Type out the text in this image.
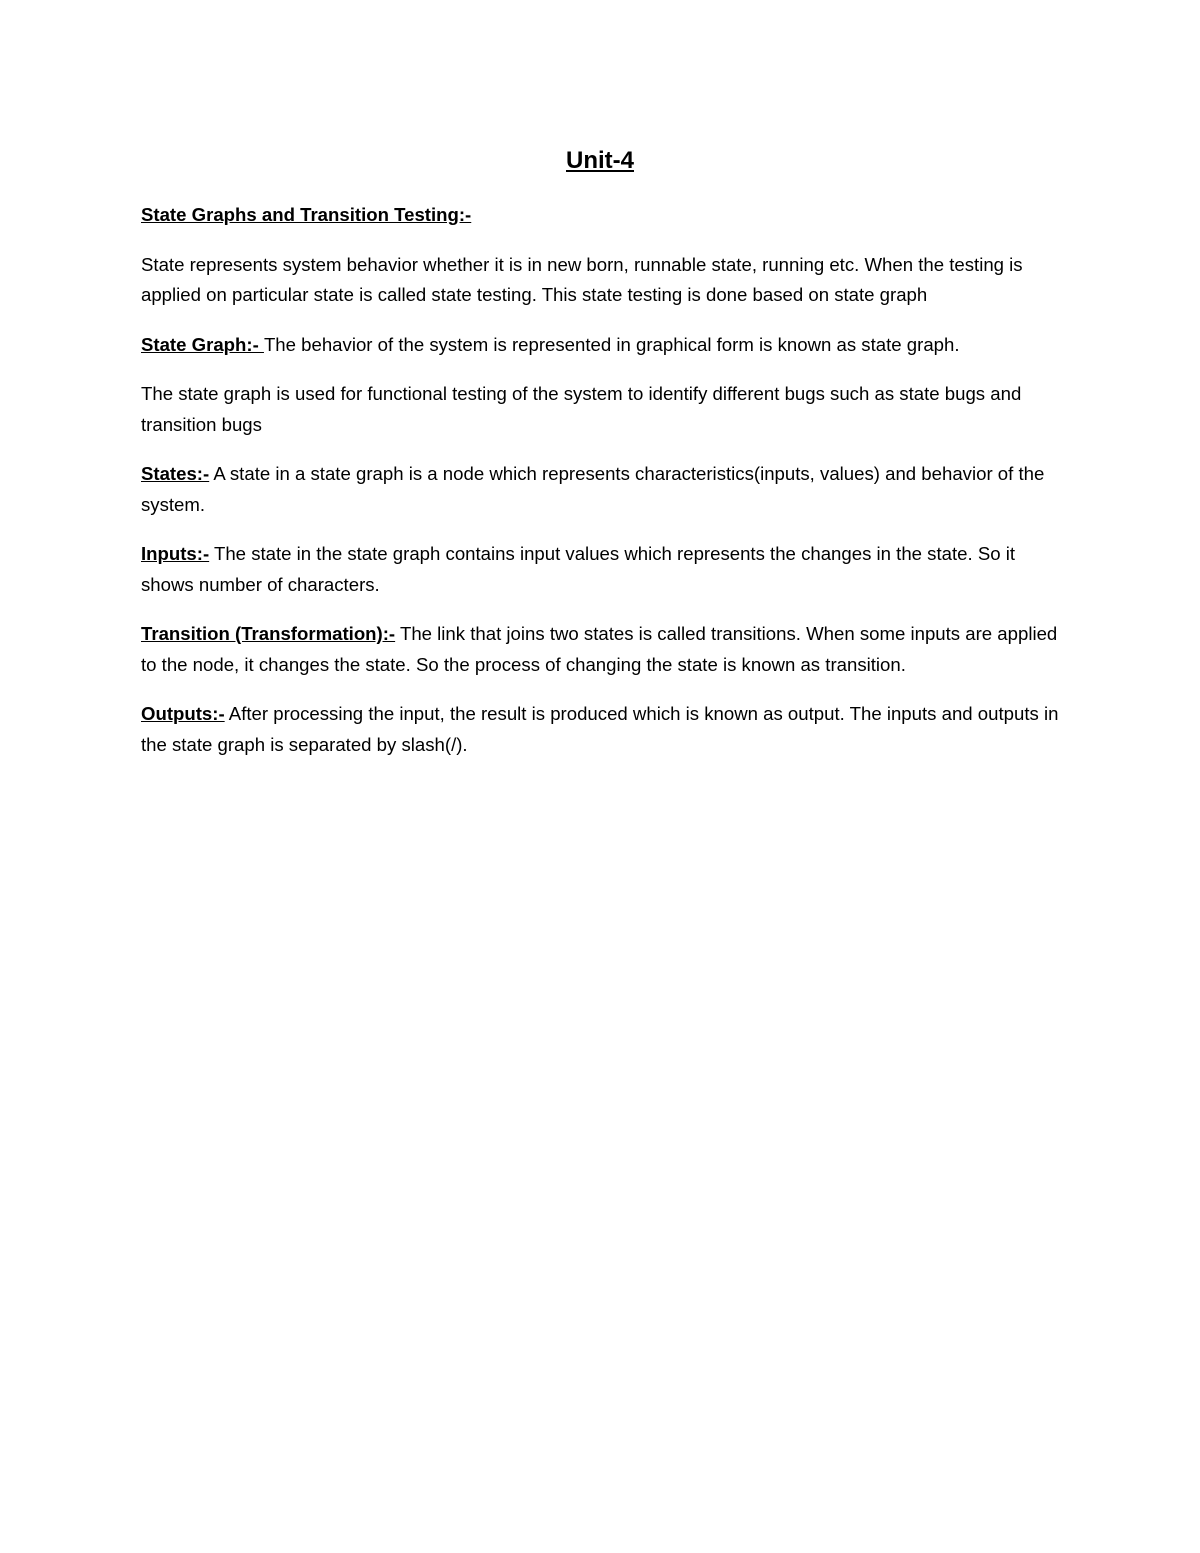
Unit-4
State Graphs and Transition Testing:-
State represents system behavior whether it is in new born, runnable state, running etc. When the testing is applied on particular state is called state testing. This state testing is done based on state graph
State Graph:- The behavior of the system is represented in graphical form is known as state graph.
The state graph is used for functional testing of the system to identify different bugs such as state bugs and transition bugs
States:- A state in a state graph is a node which represents characteristics(inputs, values) and behavior of the system.
Inputs:- The state in the state graph contains input values which represents the changes in the state. So it shows number of characters.
Transition (Transformation):- The link that joins two states is called transitions. When some inputs are applied to the node, it changes the state. So the process of changing the state is known as transition.
Outputs:- After processing the input, the result is produced which is known as output. The inputs and outputs in the state graph is separated by slash(/).
